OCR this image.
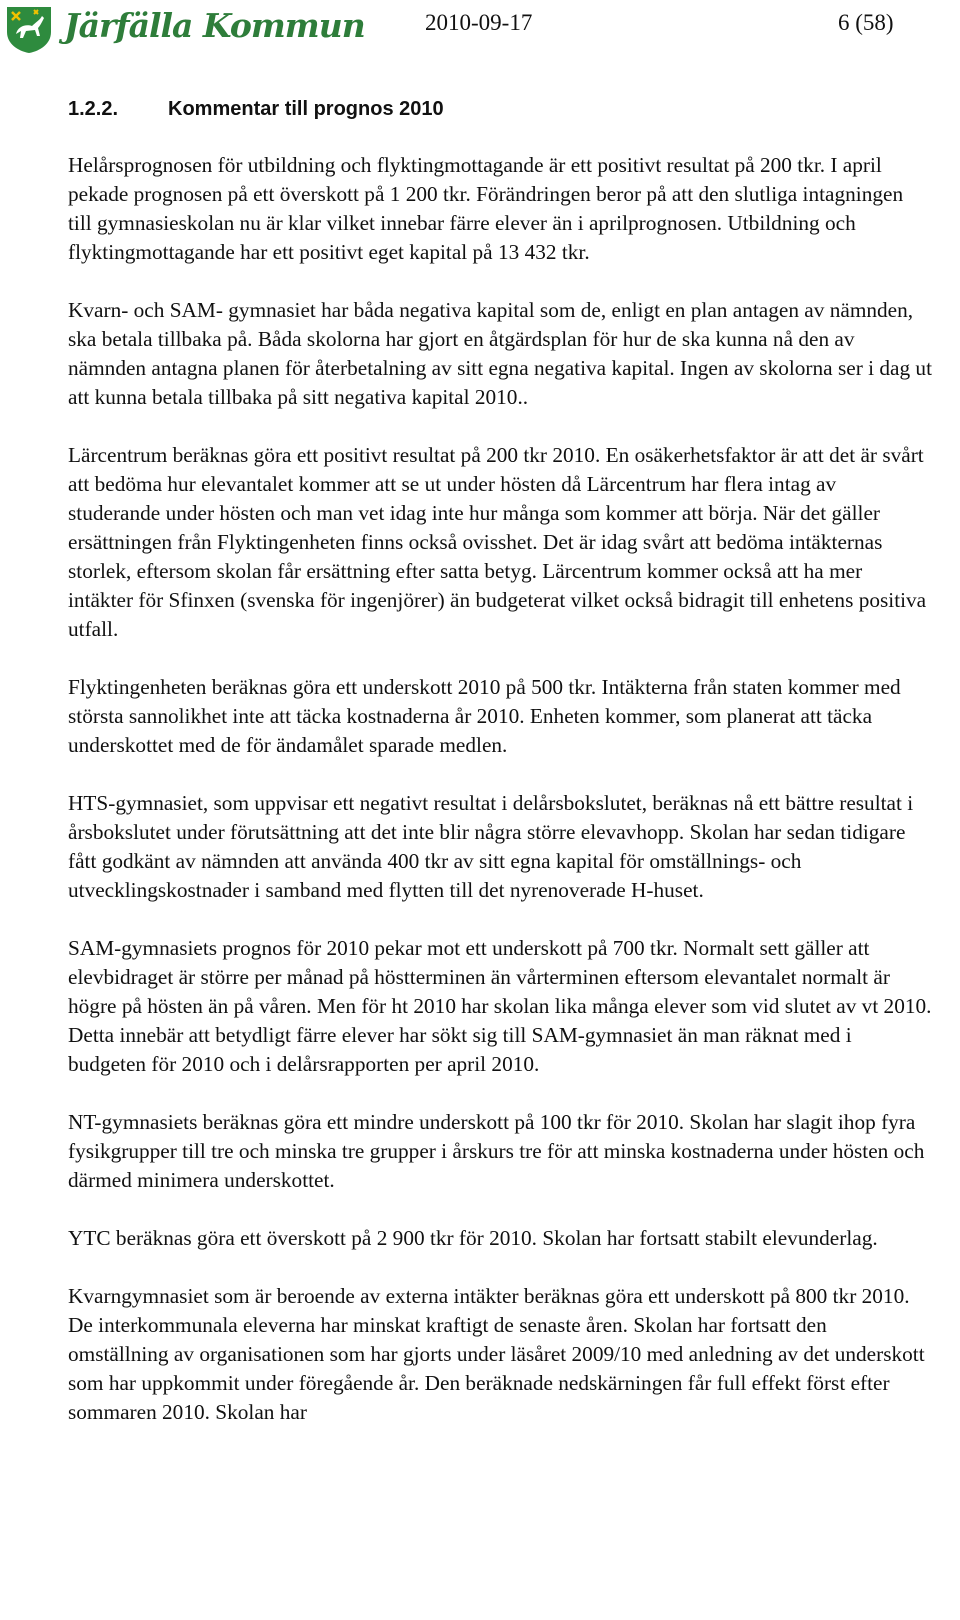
Järfälla Kommun	2010-09-17	6 (58)
1.2.2. Kommentar till prognos 2010

Helårsprognosen för utbildning och flyktingmottagande är ett positivt resultat på 200 tkr. I april pekade prognosen på ett överskott på 1 200 tkr. Förändringen beror på att den slutliga intagningen till gymnasieskolan nu är klar vilket innebar färre elever än i aprilprognosen. Utbildning och flyktingmottagande har ett positivt eget kapital på 13 432 tkr.

Kvarn- och SAM- gymnasiet har båda negativa kapital som de, enligt en plan antagen av nämnden, ska betala tillbaka på. Båda skolorna har gjort en åtgärdsplan för hur de ska kunna nå den av nämnden antagna planen för återbetalning av sitt egna negativa kapital. Ingen av skolorna ser i dag ut att kunna betala tillbaka på sitt negativa kapital 2010..

Lärcentrum beräknas göra ett positivt resultat på 200 tkr 2010. En osäkerhetsfaktor är att det är svårt att bedöma hur elevantalet kommer att se ut under hösten då Lärcentrum har flera intag av studerande under hösten och man vet idag inte hur många som kommer att börja. När det gäller ersättningen från Flyktingenheten finns också ovisshet. Det är idag svårt att bedöma intäkternas storlek, eftersom skolan får ersättning efter satta betyg. Lärcentrum kommer också att ha mer intäkter för Sfinxen (svenska för ingenjörer) än budgeterat vilket också bidragit till enhetens positiva utfall.

Flyktingenheten beräknas göra ett underskott 2010 på 500 tkr. Intäkterna från staten kommer med största sannolikhet inte att täcka kostnaderna år 2010. Enheten kommer, som planerat att täcka underskottet med de för ändamålet sparade medlen.

HTS-gymnasiet, som uppvisar ett negativt resultat i delårsbokslutet, beräknas nå ett bättre resultat i årsbokslutet under förutsättning att det inte blir några större elevavhopp. Skolan har sedan tidigare fått godkänt av nämnden att använda 400 tkr av sitt egna kapital för omställnings- och utvecklingskostnader i samband med flytten till det nyrenoverade H-huset.

SAM-gymnasiets prognos för 2010 pekar mot ett underskott på 700 tkr. Normalt sett gäller att elevbidraget är större per månad på höstterminen än vårterminen eftersom elevantalet normalt är högre på hösten än på våren. Men för ht 2010 har skolan lika många elever som vid slutet av vt 2010. Detta innebär att betydligt färre elever har sökt sig till SAM-gymnasiet än man räknat med i budgeten för 2010 och i delårsrapporten per april 2010.

NT-gymnasiets beräknas göra ett mindre underskott på 100 tkr för 2010. Skolan har slagit ihop fyra fysikgrupper till tre och minska tre grupper i årskurs tre för att minska kostnaderna under hösten och därmed minimera underskottet.

YTC beräknas göra ett överskott på 2 900 tkr för 2010. Skolan har fortsatt stabilt elevunderlag.

Kvarngymnasiet som är beroende av externa intäkter beräknas göra ett underskott på 800 tkr 2010. De interkommunala eleverna har minskat kraftigt de senaste åren. Skolan har fortsatt den omställning av organisationen som har gjorts under läsåret 2009/10 med anledning av det underskott som har uppkommit under föregående år. Den beräknade nedskärningen får full effekt först efter sommaren 2010. Skolan har
